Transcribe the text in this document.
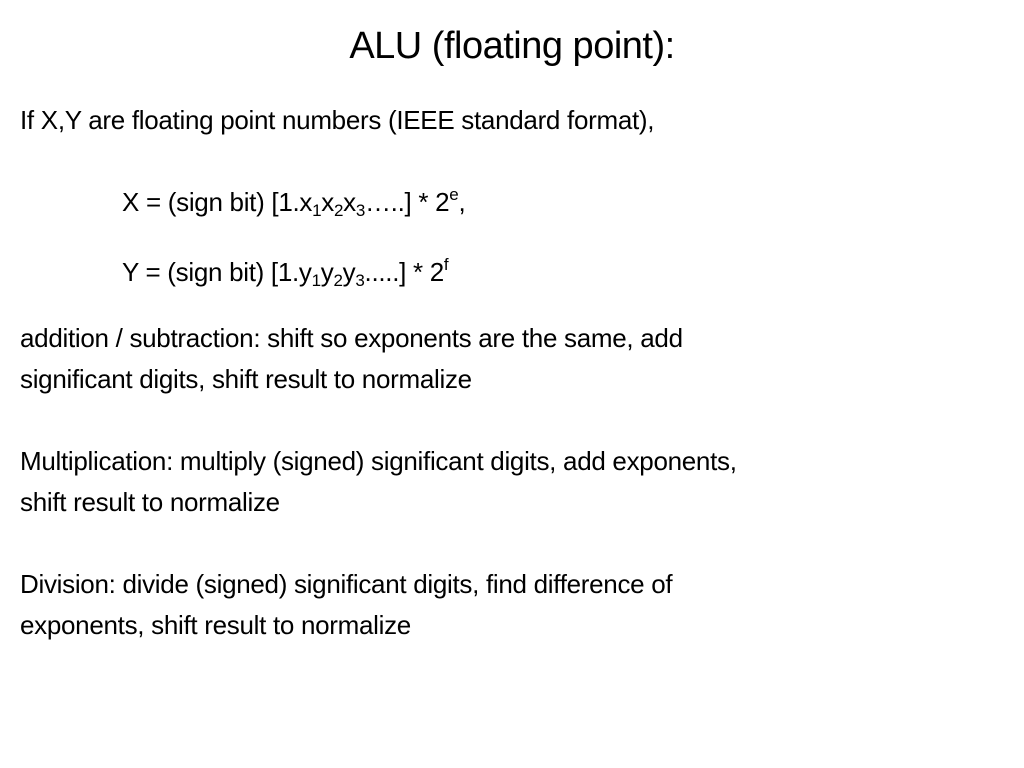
ALU (floating point):
If X,Y are floating point numbers (IEEE standard format),
X = (sign bit) $[1.x_1x_2x_3\dots..] * 2e$,
Y = (sign bit) $[1.y_1y_2y_3.....] * 2^f$
addition / subtraction: shift so exponents are the same, add
significant digits, shift result to normalize
Multiplication: multiply (signed) significant digits, add exponents,
shift result to normalize
Division: divide (signed) significant digits, find difference of
exponents, shift result to normalize
